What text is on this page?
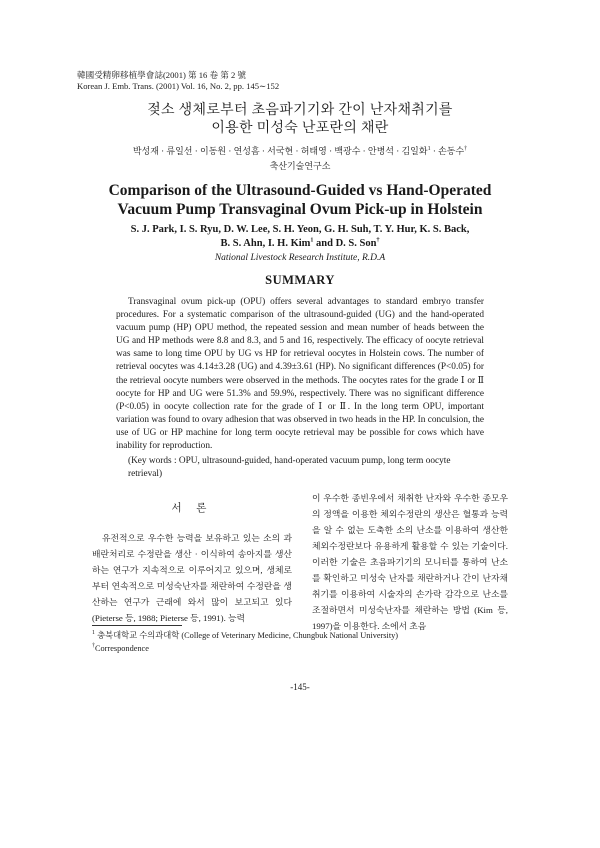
韓國受精卵移植學會誌(2001) 第 16 卷 第 2 號
Korean J. Emb. Trans. (2001) Vol. 16, No. 2, pp. 145∼152
젖소 생체로부터 초음파기기와 간이 난자채취기를
이용한 미성숙 난포란의 채란
박성재 · 류일선 · 이동원 · 연성흠 · 서국현 · 허태영 · 백광수 · 안병석 · 김일화$^1$ · 손동수†
축산기술연구소
Comparison of the Ultrasound-Guided vs Hand-Operated
Vacuum Pump Transvaginal Ovum Pick-up in Holstein
S. J. Park, I. S. Ryu, D. W. Lee, S. H. Yeon, G. H. Suh, T. Y. Hur, K. S. Back,
B. S. Ahn, I. H. Kim$^1$ and D. S. Son†
National Livestock Research Institute, R.D.A
SUMMARY
Transvaginal ovum pick-up (OPU) offers several advantages to standard embryo transfer procedures. For a systematic comparison of the ultrasound-guided (UG) and the hand-operated vacuum pump (HP) OPU method, the repeated session and mean number of heads between the UG and HP methods were 8.8 and 8.3, and 5 and 16, respectively. The efficacy of oocyte retrieval was same to long time OPU by UG vs HP for retrieval oocytes in Holstein cows. The number of retrieval oocytes was 4.14±3.28 (UG) and 4.39±3.61 (HP). No significant differences (P<0.05) for the retrieval oocyte numbers were observed in the methods. The oocytes rates for the grade Ⅰ or Ⅱ oocyte for HP and UG were 51.3% and 59.9%, respectively. There was no significant difference (P<0.05) in oocyte collection rate for the grade of Ⅰ or Ⅱ. In the long term OPU, important variation was found to ovary adhesion that was observed in two heads in the HP. In conculsion, the use of UG or HP machine for long term oocyte retrieval may be possible for cows which have inability for reproduction.
(Key words : OPU, ultrasound-guided, hand-operated vacuum pump, long term oocyte retrieval)
서 론
유전적으로 우수한 능력을 보유하고 있는 소의 과배란처리로 수정란을 생산 · 이식하여 송아지를 생산하는 연구가 지속적으로 이루어지고 있으며, 생체로부터 연속적으로 미성숙난자를 채란하여 수정란을 생산하는 연구가 근래에 와서 많이 보고되고 있다(Pieterse 등, 1988; Pieterse 등, 1991). 능력
이 우수한 종빈우에서 채취한 난자와 우수한 종모우의 정액을 이용한 체외수정란의 생산은 혈통과 능력을 알 수 없는 도축한 소의 난소를 이용하여 생산한 체외수정란보다 유용하게 활용할 수 있는 기술이다. 이러한 기술은 초음파기기의 모니터를 통하여 난소를 확인하고 미성숙 난자를 채란하거나 간이 난자채취기를 이용하여 시술자의 손가락 감각으로 난소를 조절하면서 미성숙난자를 채란하는 방법 (Kim 등, 1997)을 이용한다. 소에서 초음
$^1$ 충북대학교 수의과대학 (College of Veterinary Medicine, Chungbuk National University)
†Correspondence
-145-
